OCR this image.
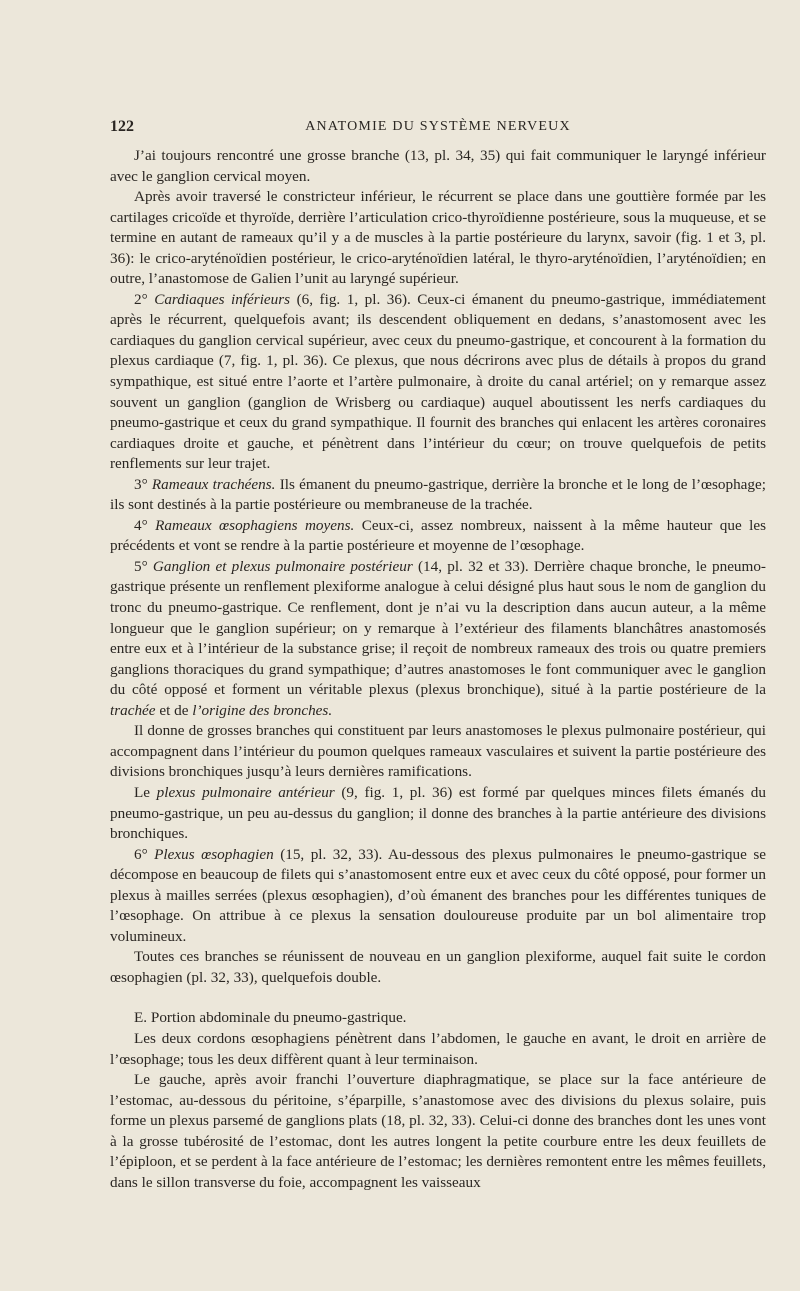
122	ANATOMIE DU SYSTÈME NERVEUX

J’ai toujours rencontré une grosse branche (13, pl. 34, 35) qui fait communiquer le laryngé inférieur avec le ganglion cervical moyen.

Après avoir traversé le constricteur inférieur, le récurrent se place dans une gouttière formée par les cartilages cricoïde et thyroïde, derrière l’articulation crico-thyroïdienne postérieure, sous la muqueuse, et se termine en autant de rameaux qu’il y a de muscles à la partie postérieure du larynx, savoir (fig. 1 et 3, pl. 36): le crico-aryténoïdien postérieur, le crico-aryténoïdien latéral, le thyro-aryténoïdien, l’aryténoïdien; en outre, l’anastomose de Galien l’unit au laryngé supérieur.

2° Cardiaques inférieurs (6, fig. 1, pl. 36). Ceux-ci émanent du pneumo-gastrique, immédiatement après le récurrent, quelquefois avant; ils descendent obliquement en dedans, s’anastomosent avec les cardiaques du ganglion cervical supérieur, avec ceux du pneumo-gastrique, et concourent à la formation du plexus cardiaque (7, fig. 1, pl. 36). Ce plexus, que nous décrirons avec plus de détails à propos du grand sympathique, est situé entre l’aorte et l’artère pulmonaire, à droite du canal artériel; on y remarque assez souvent un ganglion (ganglion de Wrisberg ou cardiaque) auquel aboutissent les nerfs cardiaques du pneumo-gastrique et ceux du grand sympathique. Il fournit des branches qui enlacent les artères coronaires cardiaques droite et gauche, et pénètrent dans l’intérieur du cœur; on trouve quelquefois de petits renflements sur leur trajet.

3° Rameaux trachéens. Ils émanent du pneumo-gastrique, derrière la bronche et le long de l’œsophage; ils sont destinés à la partie postérieure ou membraneuse de la trachée.

4° Rameaux œsophagiens moyens. Ceux-ci, assez nombreux, naissent à la même hauteur que les précédents et vont se rendre à la partie postérieure et moyenne de l’œsophage.

5° Ganglion et plexus pulmonaire postérieur (14, pl. 32 et 33). Derrière chaque bronche, le pneumo-gastrique présente un renflement plexiforme analogue à celui désigné plus haut sous le nom de ganglion du tronc du pneumo-gastrique. Ce renflement, dont je n’ai vu la description dans aucun auteur, a la même longueur que le ganglion supérieur; on y remarque à l’extérieur des filaments blanchâtres anastomosés entre eux et à l’intérieur de la substance grise; il reçoit de nombreux rameaux des trois ou quatre premiers ganglions thoraciques du grand sympathique; d’autres anastomoses le font communiquer avec le ganglion du côté opposé et forment un véritable plexus (plexus bronchique), situé à la partie postérieure de la trachée et de l’origine des bronches.

Il donne de grosses branches qui constituent par leurs anastomoses le plexus pulmonaire postérieur, qui accompagnent dans l’intérieur du poumon quelques rameaux vasculaires et suivent la partie postérieure des divisions bronchiques jusqu’à leurs dernières ramifications.

Le plexus pulmonaire antérieur (9, fig. 1, pl. 36) est formé par quelques minces filets émanés du pneumo-gastrique, un peu au-dessus du ganglion; il donne des branches à la partie antérieure des divisions bronchiques.

6° Plexus œsophagien (15, pl. 32, 33). Au-dessous des plexus pulmonaires le pneumo-gastrique se décompose en beaucoup de filets qui s’anastomosent entre eux et avec ceux du côté opposé, pour former un plexus à mailles serrées (plexus œsophagien), d’où émanent des branches pour les différentes tuniques de l’œsophage. On attribue à ce plexus la sensation douloureuse produite par un bol alimentaire trop volumineux.

Toutes ces branches se réunissent de nouveau en un ganglion plexiforme, auquel fait suite le cordon œsophagien (pl. 32, 33), quelquefois double.

E. Portion abdominale du pneumo-gastrique.

Les deux cordons œsophagiens pénètrent dans l’abdomen, le gauche en avant, le droit en arrière de l’œsophage; tous les deux diffèrent quant à leur terminaison.

Le gauche, après avoir franchi l’ouverture diaphragmatique, se place sur la face antérieure de l’estomac, au-dessous du péritoine, s’éparpille, s’anastomose avec des divisions du plexus solaire, puis forme un plexus parsemé de ganglions plats (18, pl. 32, 33). Celui-ci donne des branches dont les unes vont à la grosse tubérosité de l’estomac, dont les autres longent la petite courbure entre les deux feuillets de l’épiploon, et se perdent à la face antérieure de l’estomac; les dernières remontent entre les mêmes feuillets, dans le sillon transverse du foie, accompagnent les vaisseaux
